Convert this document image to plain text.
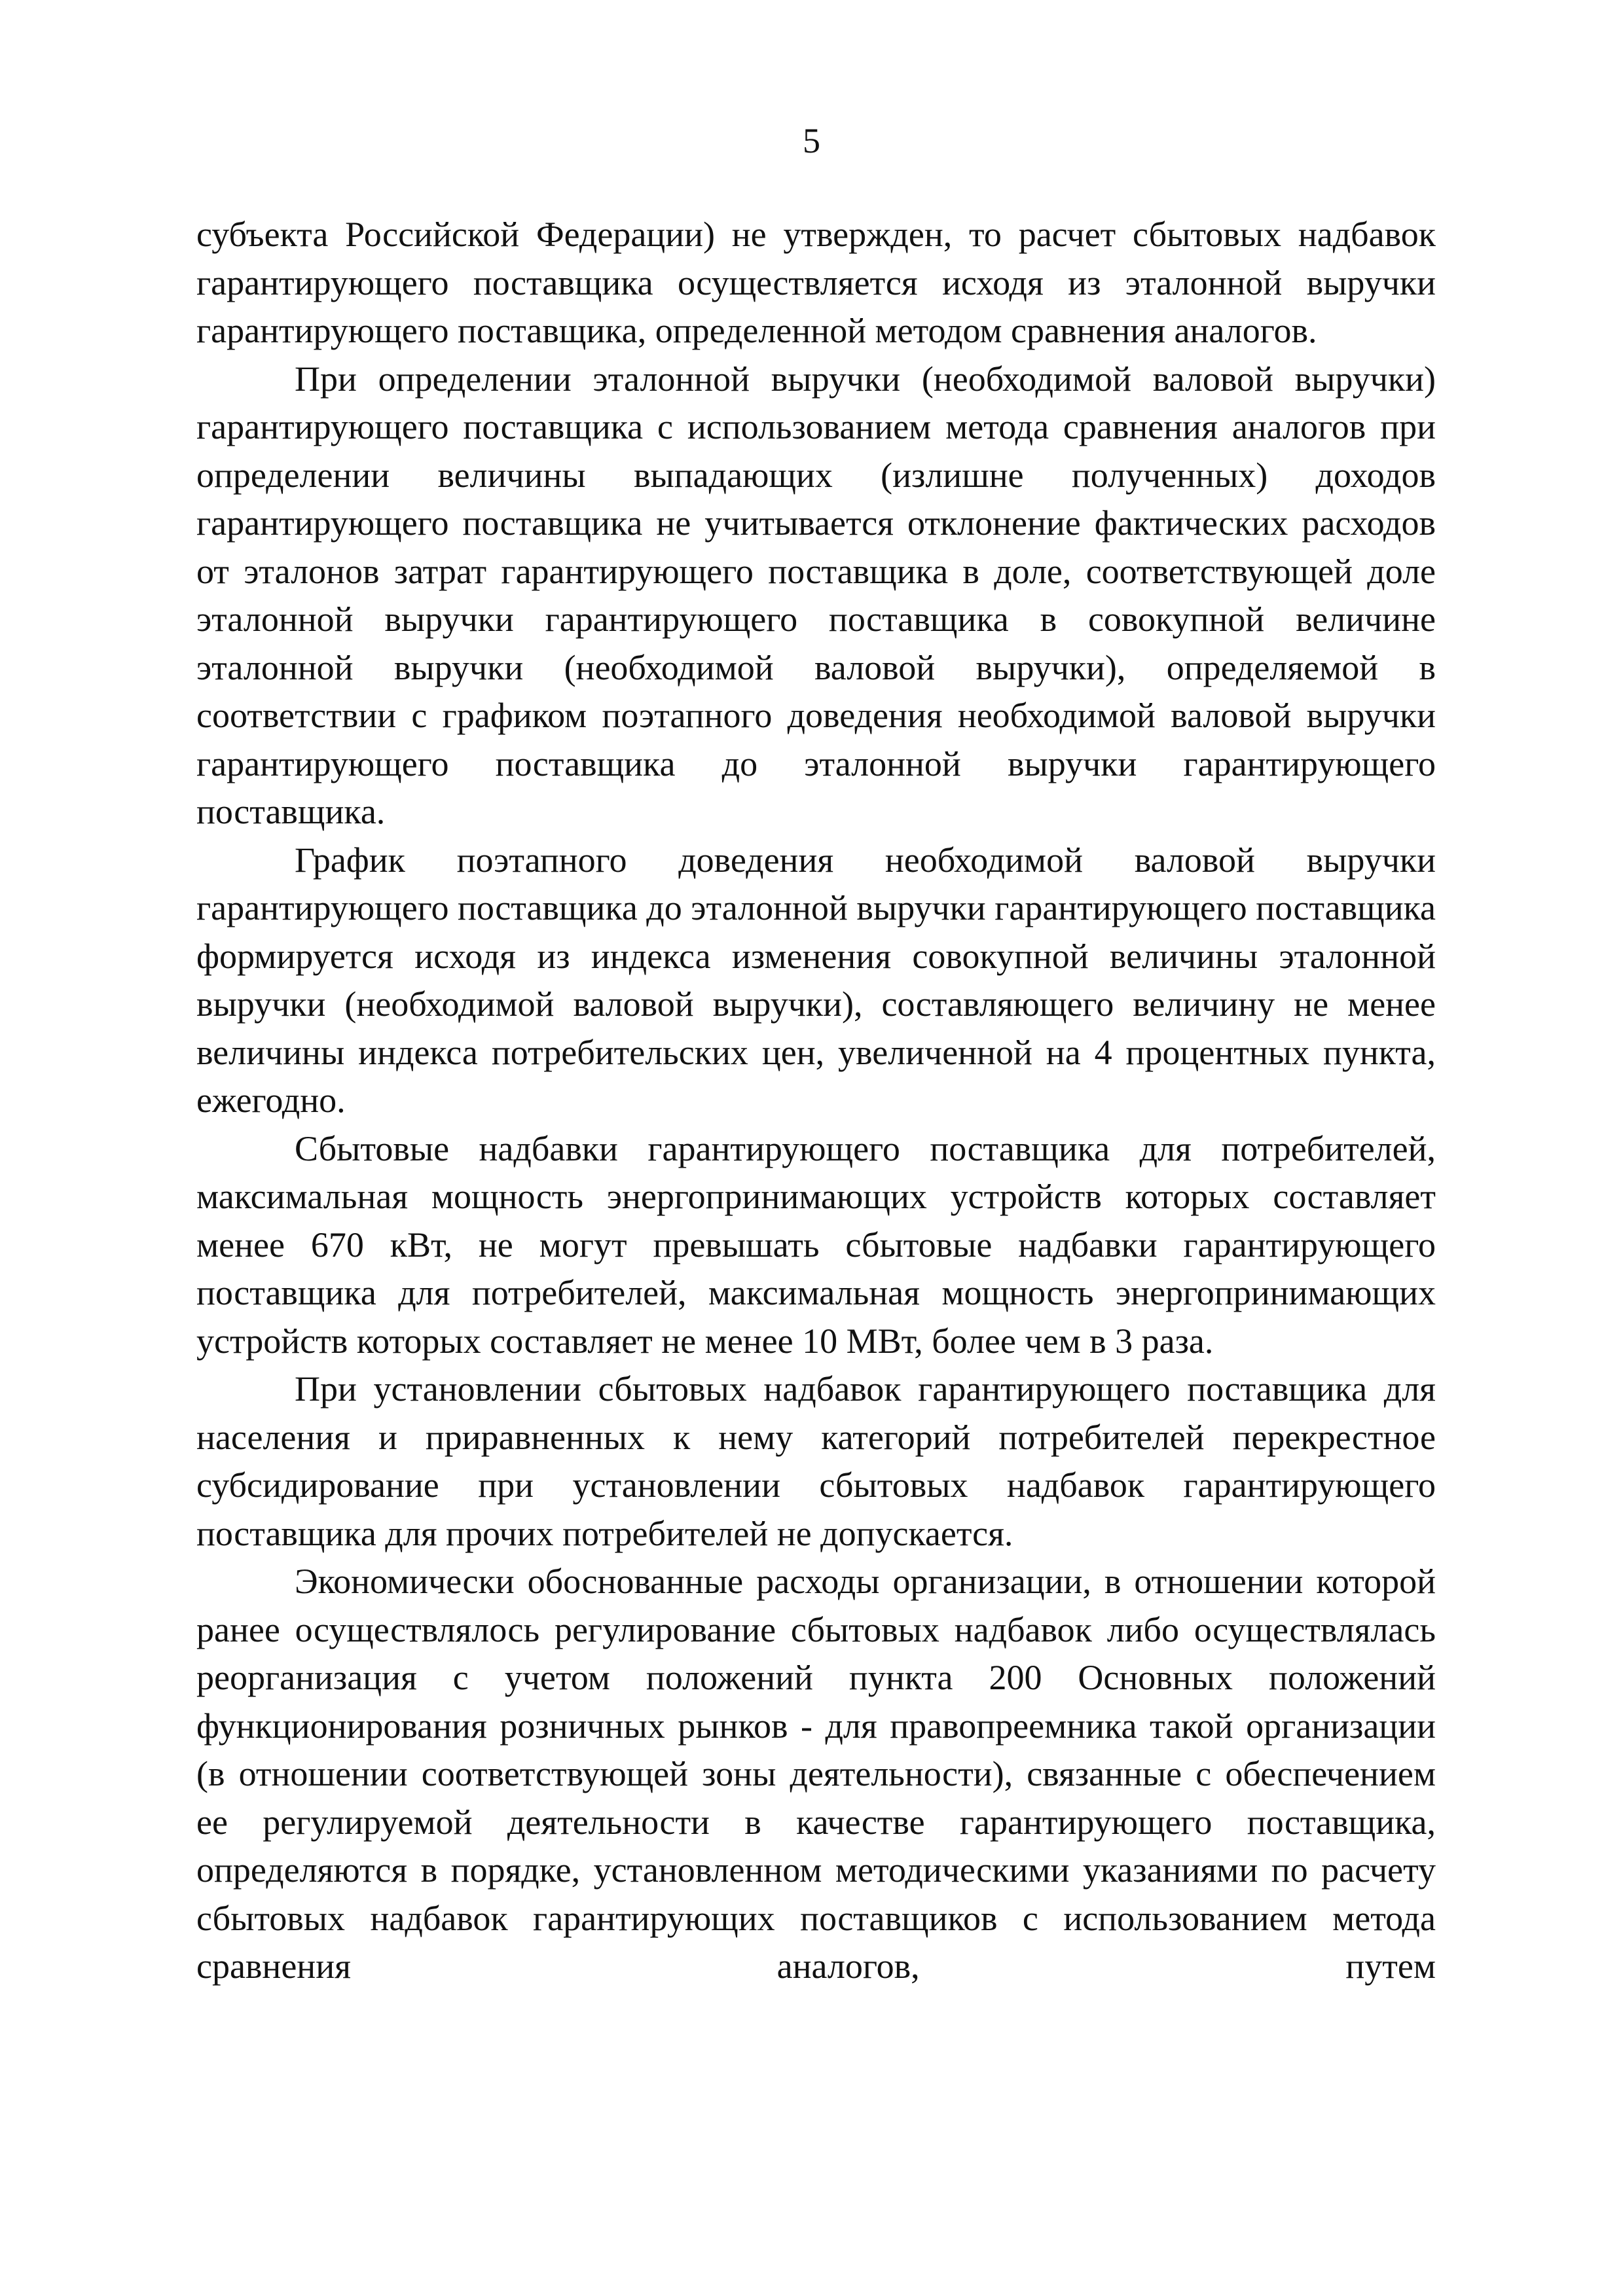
5

субъекта Российской Федерации) не утвержден, то расчет сбытовых надбавок гарантирующего поставщика осуществляется исходя из эталонной выручки гарантирующего поставщика, определенной методом сравнения аналогов.

При определении эталонной выручки (необходимой валовой выручки) гарантирующего поставщика с использованием метода сравнения аналогов при определении величины выпадающих (излишне полученных) доходов гарантирующего поставщика не учитывается отклонение фактических расходов от эталонов затрат гарантирующего поставщика в доле, соответствующей доле эталонной выручки гарантирующего поставщика в совокупной величине эталонной выручки (необходимой валовой выручки), определяемой в соответствии с графиком поэтапного доведения необходимой валовой выручки гарантирующего поставщика до эталонной выручки гарантирующего поставщика.

График поэтапного доведения необходимой валовой выручки гарантирующего поставщика до эталонной выручки гарантирующего поставщика формируется исходя из индекса изменения совокупной величины эталонной выручки (необходимой валовой выручки), составляющего величину не менее величины индекса потребительских цен, увеличенной на 4 процентных пункта, ежегодно.

Сбытовые надбавки гарантирующего поставщика для потребителей, максимальная мощность энергопринимающих устройств которых составляет менее 670 кВт, не могут превышать сбытовые надбавки гарантирующего поставщика для потребителей, максимальная мощность энергопринимающих устройств которых составляет не менее 10 МВт, более чем в 3 раза.

При установлении сбытовых надбавок гарантирующего поставщика для населения и приравненных к нему категорий потребителей перекрестное субсидирование при установлении сбытовых надбавок гарантирующего поставщика для прочих потребителей не допускается.

Экономически обоснованные расходы организации, в отношении которой ранее осуществлялось регулирование сбытовых надбавок либо осуществлялась реорганизация с учетом положений пункта 200 Основных положений функционирования розничных рынков - для правопреемника такой организации (в отношении соответствующей зоны деятельности), связанные с обеспечением ее регулируемой деятельности в качестве гарантирующего поставщика, определяются в порядке, установленном методическими указаниями по расчету сбытовых надбавок гарантирующих поставщиков с использованием метода сравнения аналогов, путем
